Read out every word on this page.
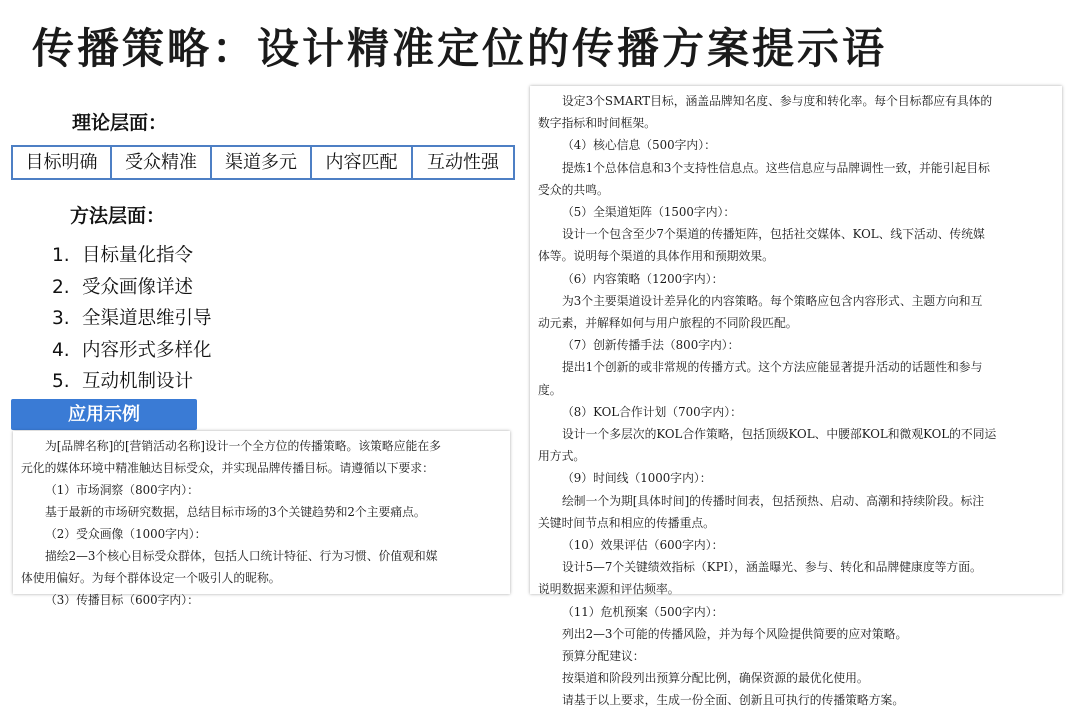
传播策略：设计精准定位的传播方案提示语
理论层面：
目标明确	受众精准	渠道多元	内容匹配	互动性强
方法层面：
1. 目标量化指令
2. 受众画像详述
3. 全渠道思维引导
4. 内容形式多样化
5. 互动机制设计
应用示例

为[品牌名称]的[营销活动名称]设计一个全方位的传播策略。该策略应能在多

元化的媒体环境中精准触达目标受众，并实现品牌传播目标。请遵循以下要求：

（1）市场洞察（800字内）：

基于最新的市场研究数据，总结目标市场的3个关键趋势和2个主要痛点。

（2）受众画像（1000字内）：

描绘2—3个核心目标受众群体，包括人口统计特征、行为习惯、价值观和媒

体使用偏好。为每个群体设定一个吸引人的昵称。

（3）传播目标（600字内）：

设定3个SMART目标，涵盖品牌知名度、参与度和转化率。每个目标都应有具体的

数字指标和时间框架。

（4）核心信息（500字内）：

提炼1个总体信息和3个支持性信息点。这些信息应与品牌调性一致，并能引起目标

受众的共鸣。

（5）全渠道矩阵（1500字内）：

设计一个包含至少7个渠道的传播矩阵，包括社交媒体、KOL、线下活动、传统媒

体等。说明每个渠道的具体作用和预期效果。

（6）内容策略（1200字内）：

为3个主要渠道设计差异化的内容策略。每个策略应包含内容形式、主题方向和互

动元素，并解释如何与用户旅程的不同阶段匹配。

（7）创新传播手法（800字内）：

提出1个创新的或非常规的传播方式。这个方法应能显著提升活动的话题性和参与

度。

（8）KOL合作计划（700字内）：

设计一个多层次的KOL合作策略，包括顶级KOL、中腰部KOL和微观KOL的不同运

用方式。

（9）时间线（1000字内）：

绘制一个为期[具体时间]的传播时间表，包括预热、启动、高潮和持续阶段。标注

关键时间节点和相应的传播重点。

（10）效果评估（600字内）：

设计5—7个关键绩效指标（KPI），涵盖曝光、参与、转化和品牌健康度等方面。

说明数据来源和评估频率。

（11）危机预案（500字内）：

列出2—3个可能的传播风险，并为每个风险提供简要的应对策略。

预算分配建议：

按渠道和阶段列出预算分配比例，确保资源的最优化使用。

请基于以上要求，生成一份全面、创新且可执行的传播策略方案。
